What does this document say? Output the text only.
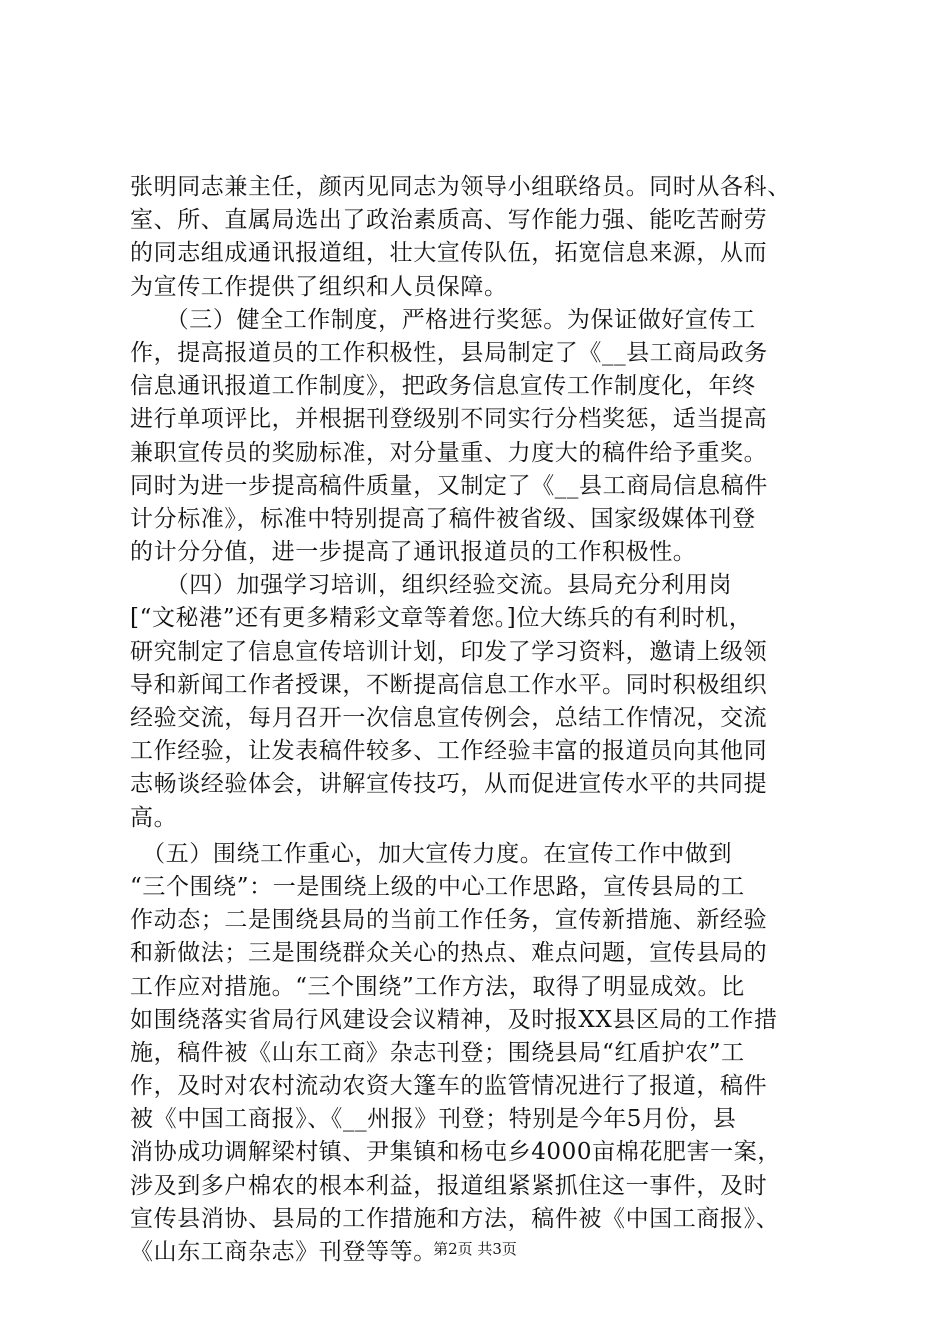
张明同志兼主任，颜丙见同志为领导小组联络员。同时从各科、
室、所、直属局选出了政治素质高、写作能力强、能吃苦耐劳
的同志组成通讯报道组，壮大宣传队伍，拓宽信息来源，从而
为宣传工作提供了组织和人员保障。
　　（三）健全工作制度，严格进行奖惩。为保证做好宣传工
作，提高报道员的工作积极性，县局制定了《__县工商局政务
信息通讯报道工作制度》，把政务信息宣传工作制度化，年终
进行单项评比，并根据刊登级别不同实行分档奖惩，适当提高
兼职宣传员的奖励标准，对分量重、力度大的稿件给予重奖。
同时为进一步提高稿件质量，又制定了《__县工商局信息稿件
计分标准》，标准中特别提高了稿件被省级、国家级媒体刊登
的计分分值，进一步提高了通讯报道员的工作积极性。
　　（四）加强学习培训，组织经验交流。县局充分利用岗
[“文秘港”还有更多精彩文章等着您。]位大练兵的有利时机，
研究制定了信息宣传培训计划，印发了学习资料，邀请上级领
导和新闻工作者授课，不断提高信息工作水平。同时积极组织
经验交流，每月召开一次信息宣传例会，总结工作情况，交流
工作经验，让发表稿件较多、工作经验丰富的报道员向其他同
志畅谈经验体会，讲解宣传技巧，从而促进宣传水平的共同提
高。
　（五）围绕工作重心，加大宣传力度。在宣传工作中做到
“三个围绕”：一是围绕上级的中心工作思路，宣传县局的工
作动态；二是围绕县局的当前工作任务，宣传新措施、新经验
和新做法；三是围绕群众关心的热点、难点问题，宣传县局的
工作应对措施。“三个围绕”工作方法，取得了明显成效。比
如围绕落实省局行风建设会议精神，及时报XX县区局的工作措
施，稿件被《山东工商》杂志刊登；围绕县局“红盾护农”工
作，及时对农村流动农资大篷车的监管情况进行了报道，稿件
被《中国工商报》、《__州报》刊登；特别是今年5月份，县
消协成功调解梁村镇、尹集镇和杨屯乡4000亩棉花肥害一案，
涉及到多户棉农的根本利益，报道组紧紧抓住这一事件，及时
宣传县消协、县局的工作措施和方法，稿件被《中国工商报》、
《山东工商杂志》刊登等等。
第2页 共3页
